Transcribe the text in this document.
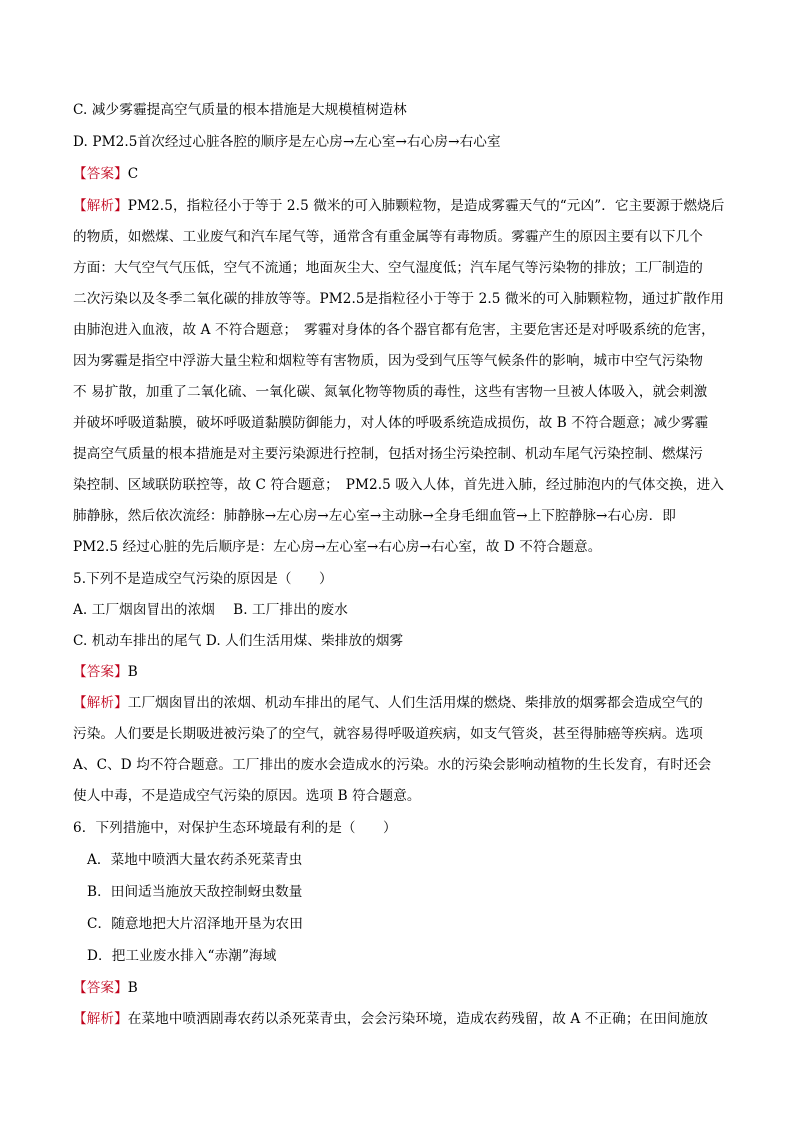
C. 减少雾霾提高空气质量的根本措施是大规模植树造林
D. PM2.5首次经过心脏各腔的顺序是左心房→左心室→右心房→右心室
【答案】C
【解析】PM2.5，指粒径小于等于 2.5 微米的可入肺颗粒物，是造成雾霾天气的“元凶”．它主要源于燃烧后
的物质，如燃煤、工业废气和汽车尾气等，通常含有重金属等有毒物质。雾霾产生的原因主要有以下几个
方面：大气空气气压低，空气不流通；地面灰尘大、空气湿度低；汽车尾气等污染物的排放；工厂制造的
二次污染以及冬季二氧化碳的排放等等。PM2.5是指粒径小于等于 2.5 微米的可入肺颗粒物，通过扩散作用
由肺泡进入血液，故 A 不符合题意；　雾霾对身体的各个器官都有危害，主要危害还是对呼吸系统的危害，
因为雾霾是指空中浮游大量尘粒和烟粒等有害物质，因为受到气压等气候条件的影响，城市中空气污染物
不 易扩散，加重了二氧化硫、一氧化碳、氮氧化物等物质的毒性，这些有害物一旦被人体吸入，就会刺激
并破坏呼吸道黏膜，破坏呼吸道黏膜防御能力，对人体的呼吸系统造成损伤，故 B 不符合题意；减少雾霾
提高空气质量的根本措施是对主要污染源进行控制，包括对扬尘污染控制、机动车尾气污染控制、燃煤污
染控制、区域联防联控等，故 C 符合题意；　PM2.5 吸入人体，首先进入肺，经过肺泡内的气体交换，进入
肺静脉，然后依次流经：肺静脉→左心房→左心室→主动脉→全身毛细血管→上下腔静脉→右心房．即
PM2.5 经过心脏的先后顺序是：左心房→左心室→右心房→右心室，故 D 不符合题意。
5.下列不是造成空气污染的原因是（　　）
A. 工厂烟囱冒出的浓烟　 B. 工厂排出的废水
C. 机动车排出的尾气 D. 人们生活用煤、柴排放的烟雾
【答案】B
【解析】工厂烟囱冒出的浓烟、机动车排出的尾气、人们生活用煤的燃烧、柴排放的烟雾都会造成空气的
污染。人们要是长期吸进被污染了的空气，就容易得呼吸道疾病，如支气管炎，甚至得肺癌等疾病。选项
A、C、D 均不符合题意。工厂排出的废水会造成水的污染。水的污染会影响动植物的生长发育，有时还会
使人中毒，不是造成空气污染的原因。选项 B 符合题意。
6．下列措施中，对保护生态环境最有利的是（　　）
A．菜地中喷洒大量农药杀死菜青虫
B．田间适当施放天敌控制蚜虫数量
C．随意地把大片沼泽地开垦为农田
D．把工业废水排入“赤潮”海域
【答案】B
【解析】在菜地中喷洒剧毒农药以杀死菜青虫，会会污染环境，造成农药残留，故 A 不正确；在田间施放
